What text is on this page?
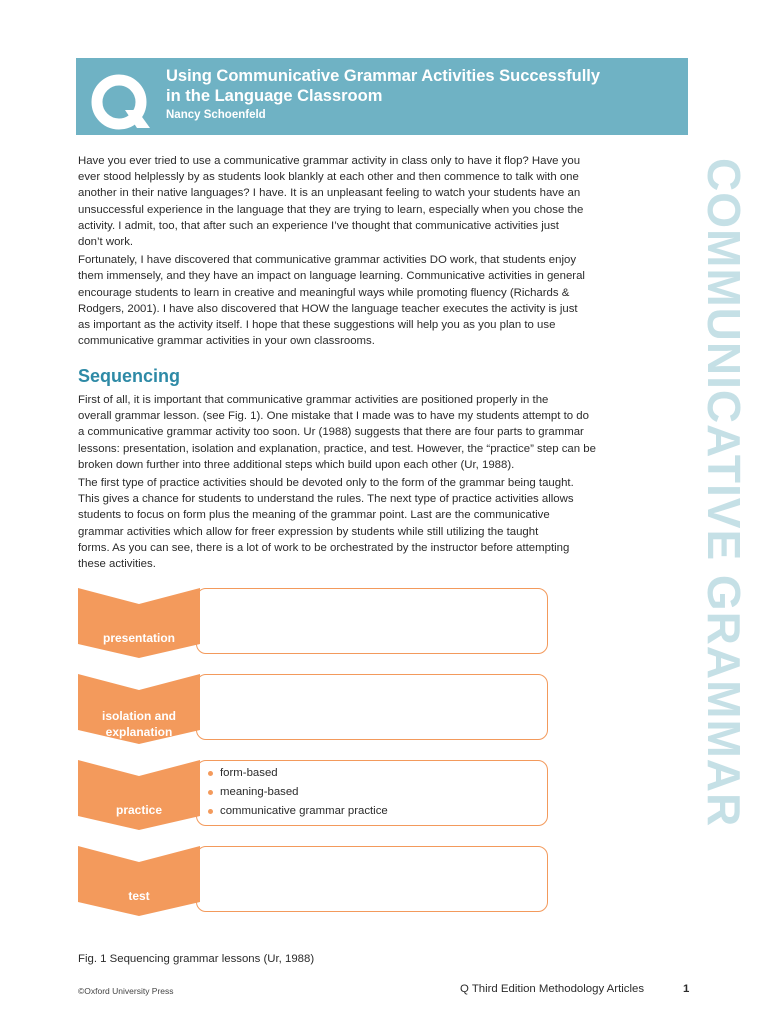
Using Communicative Grammar Activities Successfully
in the Language Classroom
Nancy Schoenfeld
COMMUNICATIVE GRAMMAR

Have you ever tried to use a communicative grammar activity in class only to have it flop? Have you
ever stood helplessly by as students look blankly at each other and then commence to talk with one
another in their native languages? I have. It is an unpleasant feeling to watch your students have an
unsuccessful experience in the language that they are trying to learn, especially when you chose the
activity. I admit, too, that after such an experience I’ve thought that communicative activities just
don’t work.

Fortunately, I have discovered that communicative grammar activities DO work, that students enjoy
them immensely, and they have an impact on language learning. Communicative activities in general
encourage students to learn in creative and meaningful ways while promoting fluency (Richards &
Rodgers, 2001). I have also discovered that HOW the language teacher executes the activity is just
as important as the activity itself. I hope that these suggestions will help you as you plan to use
communicative grammar activities in your own classrooms.

Sequencing

First of all, it is important that communicative grammar activities are positioned properly in the
overall grammar lesson. (see Fig. 1). One mistake that I made was to have my students attempt to do
a communicative grammar activity too soon. Ur (1988) suggests that there are four parts to grammar
lessons: presentation, isolation and explanation, practice, and test. However, the “practice” step can be
broken down further into three additional steps which build upon each other (Ur, 1988).

The first type of practice activities should be devoted only to the form of the grammar being taught.
This gives a chance for students to understand the rules. The next type of practice activities allows
students to focus on form plus the meaning of the grammar point. Last are the communicative
grammar activities which allow for freer expression by students while still utilizing the taught
forms. As you can see, there is a lot of work to be orchestrated by the instructor before attempting
these activities.

presentation
isolation and
explanation
practice
form-based
meaning-based
communicative grammar practice
test
Fig. 1 Sequencing grammar lessons (Ur, 1988)
©Oxford University Press	Q Third Edition Methodology Articles	1
